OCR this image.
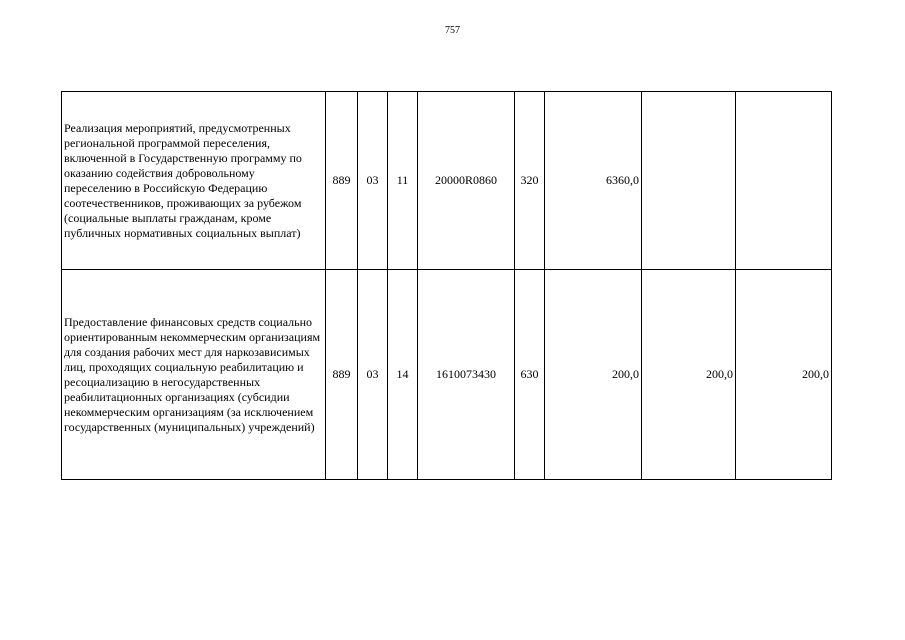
757
Реализация мероприятий, предусмотренных региональной программой переселения, включенной в Государственную программу по оказанию содействия добровольному переселению в Российскую Федерацию соотечественников, проживающих за рубежом (социальные выплаты гражданам, кроме публичных нормативных социальных выплат)	889	03	11	20000R0860	320	6360,0		
Предоставление финансовых средств социально ориентированным некоммерческим организациям для создания рабочих мест для наркозависимых лиц, проходящих социальную реабилитацию и ресоциализацию в негосударственных реабилитационных организациях (субсидии некоммерческим организациям (за исключением государственных (муниципальных) учреждений)	889	03	14	1610073430	630	200,0	200,0	200,0
